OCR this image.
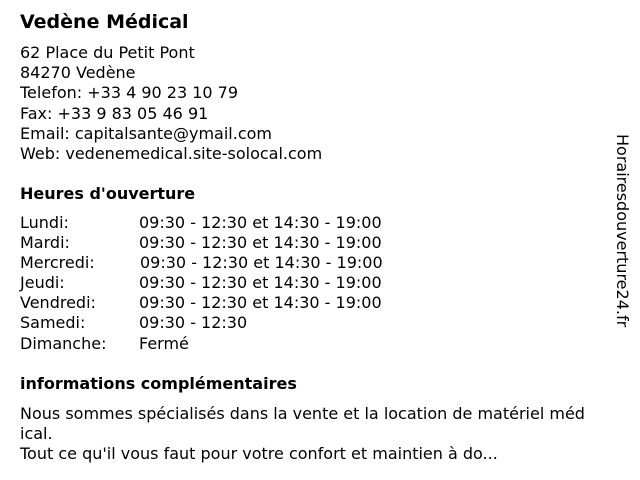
Vedène Médical
62 Place du Petit Pont
84270 Vedène
Telefon: +33 4 90 23 10 79
Fax: +33 9 83 05 46 91
Email: capitalsante@ymail.com
Web: vedenemedical.site-solocal.com
Heures d'ouverture
Lundi:	09:30 - 12:30 et 14:30 - 19:00
Mardi:	09:30 - 12:30 et 14:30 - 19:00
Mercredi:	09:30 - 12:30 et 14:30 - 19:00
Jeudi:	09:30 - 12:30 et 14:30 - 19:00
Vendredi:	09:30 - 12:30 et 14:30 - 19:00
Samedi:	09:30 - 12:30
Dimanche: Fermé
informations complémentaires
Nous sommes spécialisés dans la vente et la location de matériel méd
ical.
Tout ce qu'il vous faut pour votre confort et maintien à do...
Horairesdouverture24.fr
